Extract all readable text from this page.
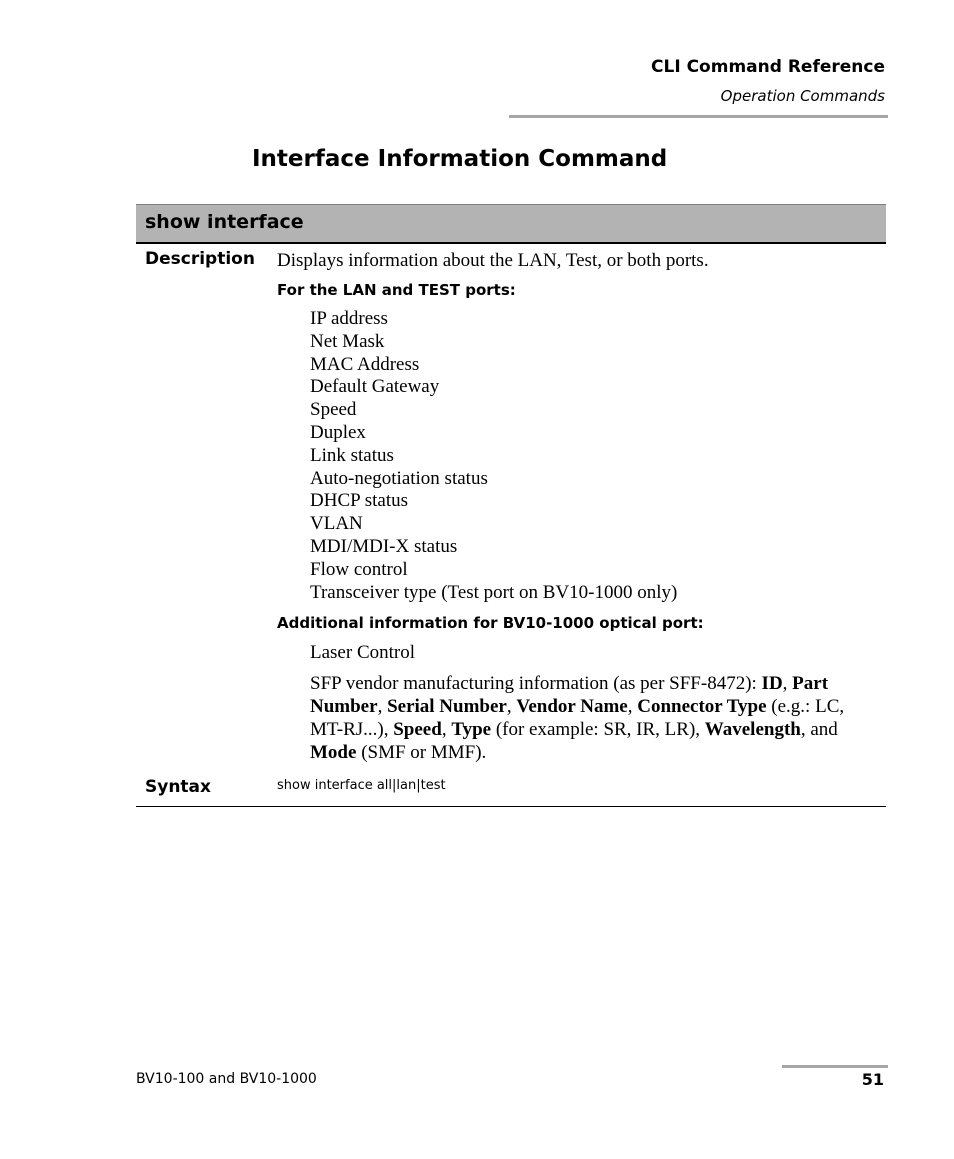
CLI Command Reference
Operation Commands
Interface Information Command
show interface
Description Displays information about the LAN, Test, or both ports.
For the LAN and TEST ports:
IP address
Net Mask
MAC Address
Default Gateway
Speed
Duplex
Link status
Auto-negotiation status
DHCP status
VLAN
MDI/MDI-X status
Flow control
Transceiver type (Test port on BV10-1000 only)
Additional information for BV10-1000 optical port:
Laser Control
SFP vendor manufacturing information (as per SFF-8472): ID, Part Number, Serial Number, Vendor Name, Connector Type (e.g.: LC, MT-RJ...), Speed, Type (for example: SR, IR, LR), Wavelength, and Mode (SMF or MMF).
Syntax	show interface all|lan|test
BV10-100 and BV10-1000	51
